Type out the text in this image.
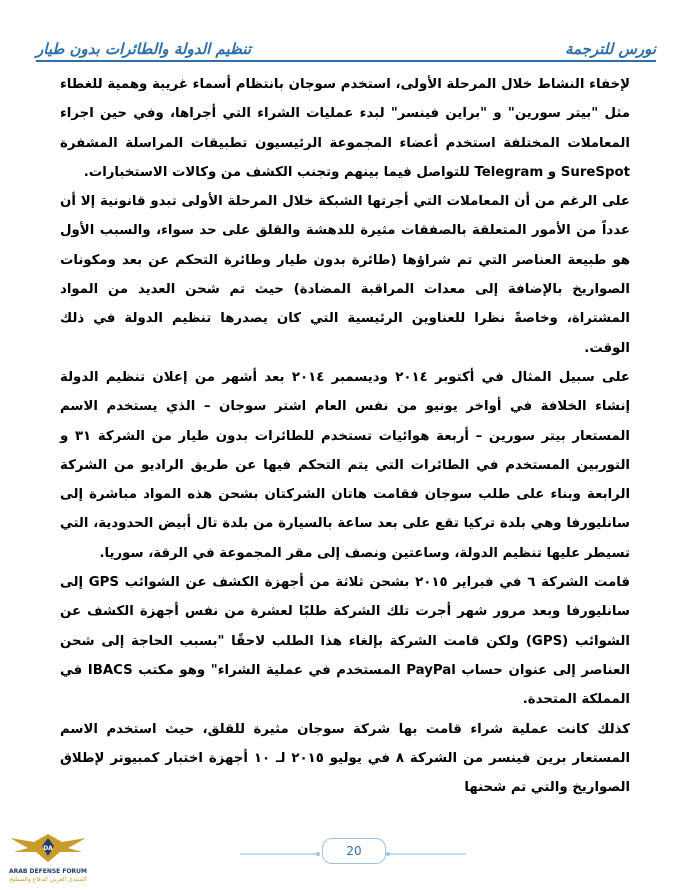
تنظيم الدولة والطائرات بدون طيار	نورس للترجمة

لإخفاء النشاط خلال المرحلة الأولى، استخدم سوجان بانتظام أسماء غريبة وهمية للغطاء مثل "بيتر سورين" و "براين فينسر" لبدء عمليات الشراء التي أجراها، وفي حين اجراء المعاملات المختلفة استخدم أعضاء المجموعة الرئيسيون تطبيقات المراسلة المشفرة SureSpot و Telegram للتواصل فيما بينهم وتجنب الكشف من وكالات الاستخبارات.

على الرغم من أن المعاملات التي أجرتها الشبكة خلال المرحلة الأولى تبدو قانونية إلا أن عدداً من الأمور المتعلقة بالصفقات مثيرة للدهشة والقلق على حد سواء، والسبب الأول هو طبيعة العناصر التي تم شراؤها (طائرة بدون طيار وطائرة التحكم عن بعد ومكونات الصواريخ بالإضافة إلى معدات المراقبة المضادة) حيث تم شحن العديد من المواد المشتراة، وخاصةً نظرا للعناوين الرئيسية التي كان يصدرها تنظيم الدولة في ذلك الوقت.

على سبيل المثال في أكتوبر ٢٠١٤ وديسمبر ٢٠١٤ بعد أشهر من إعلان تنظيم الدولة إنشاء الخلافة في أواخر يونيو من نفس العام اشتر سوجان – الذي يستخدم الاسم المستعار بيتر سورين – أربعة هوائيات تستخدم للطائرات بدون طيار من الشركة ٣١ و التوربين المستخدم في الطائرات التي يتم التحكم فيها عن طريق الراديو من الشركة الرابعة وبناء على طلب سوجان فقامت هاتان الشركتان بشحن هذه المواد مباشرة إلى سانليورفا وهي بلدة تركيا تقع على بعد ساعة بالسيارة من بلدة تال أبيض الحدودية، التي تسيطر عليها تنظيم الدولة، وساعتين ونصف إلى مقر المجموعة في الرقة، سوريا.

قامت الشركة ٦ في فبراير ٢٠١٥ بشحن ثلاثة من أجهزة الكشف عن الشوائب GPS إلى سانليورفا وبعد مرور شهر أجرت تلك الشركة طلبًا لعشرة من نفس أجهزة الكشف عن الشوائب (GPS) ولكن قامت الشركة بإلغاء هذا الطلب لاحقًا "بسبب الحاجة إلى شحن العناصر إلى عنوان حساب PayPal المستخدم في عملية الشراء" وهو مكتب IBACS في المملكة المتحدة.

كذلك كانت عملية شراء قامت بها شركة سوجان مثيرة للقلق، حيث استخدم الاسم المستعار برين فينسر من الشركة ٨ في يوليو ٢٠١٥ لـ ١٠ أجهزة اختبار كمبيوتر لإطلاق الصواريخ والتي تم شحنها

20
DA
ARAB DEFENSE FORUM
المنتدى العربي للدفاع والتسليح
